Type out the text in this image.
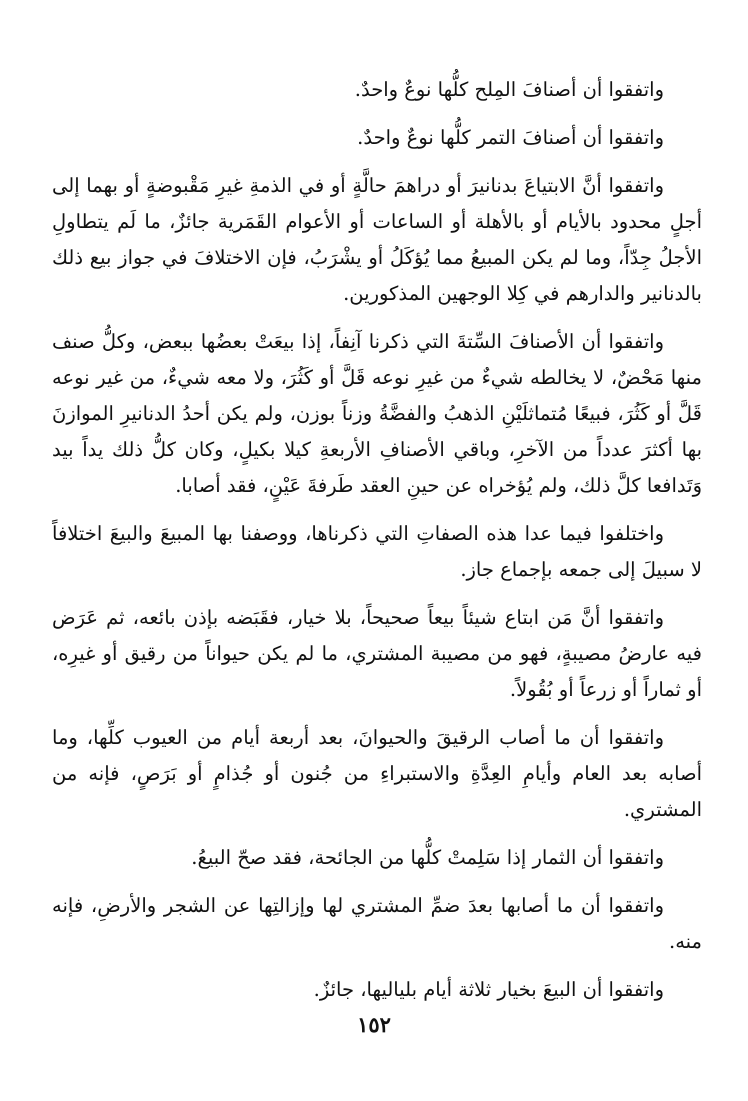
واتفقوا أن أصنافَ المِلح كلُّها نوعٌ واحدٌ.

واتفقوا أن أصنافَ التمر كلُّها نوعٌ واحدٌ.

واتفقوا أنَّ الابتياعَ بدنانيرَ أو دراهمَ حالَّةٍ أو في الذمةِ غيرِ مَقْبوضةٍ أو بهما إلى أجلٍ محدود بالأيام أو بالأهلة أو الساعات أو الأعوام القَمَرية جائزٌ، ما لَم يتطاولِ الأجلُ جِدّاً، وما لم يكن المبيعُ مما يُؤكَلُ أو يشْرَبُ، فإن الاختلافَ في جواز بيع ذلك بالدنانير والدارهم في كِلا الوجهين المذكورين.

واتفقوا أن الأصنافَ السِّتةَ التي ذكرنا آنِفاً، إذا بيعَتْ بعضُها ببعض، وكلُّ صنف منها مَحْضٌ، لا يخالطه شيءٌ من غيرِ نوعه قَلَّ أو كَثُرَ، ولا معه شيءٌ، من غير نوعه قَلَّ أو كَثُرَ، فبيعًا مُتماثلَيْنِ الذهبُ والفضَّةُ وزناً بوزن، ولم يكن أحدُ الدنانيرِ الموازنَ بها أكثرَ عدداً من الآخرِ، وباقي الأصنافِ الأربعةِ كيلا بكيلٍ، وكان كلُّ ذلك يداً بيد وَتَدافعا كلَّ ذلك، ولم يُؤخراه عن حينِ العقد طَرفةَ عَيْنٍ، فقد أصابا.

واختلفوا فيما عدا هذه الصفاتِ التي ذكرناها، ووصفنا بها المبيعَ والبيعَ اختلافاً لا سبيلَ إلى جمعه بإجماع جاز.

واتفقوا أنَّ مَن ابتاع شيئاً بيعاً صحيحاً، بلا خيار، فقَبَضه بإذن بائعه، ثم عَرَض فيه عارضُ مصيبةٍ، فهو من مصيبة المشتري، ما لم يكن حيواناً من رقيق أو غيرِه، أو ثماراً أو زرعاً أو بُقُولاً.

واتفقوا أن ما أصاب الرقيقَ والحيوانَ، بعد أربعة أيام من العيوب كلِّها، وما أصابه بعد العام وأيامِ العِدَّةِ والاستبراءِ من جُنون أو جُذامٍ أو بَرَصٍ، فإنه من المشتري.

واتفقوا أن الثمار إذا سَلِمتْ كلُّها من الجائحة، فقد صحّ البيعُ.

واتفقوا أن ما أصابها بعدَ ضمِّ المشتري لها وإزالتِها عن الشجر والأرضِ، فإنه منه.

واتفقوا أن البيعَ بخيار ثلاثة أيام بلياليها، جائزٌ.

١٥٢
